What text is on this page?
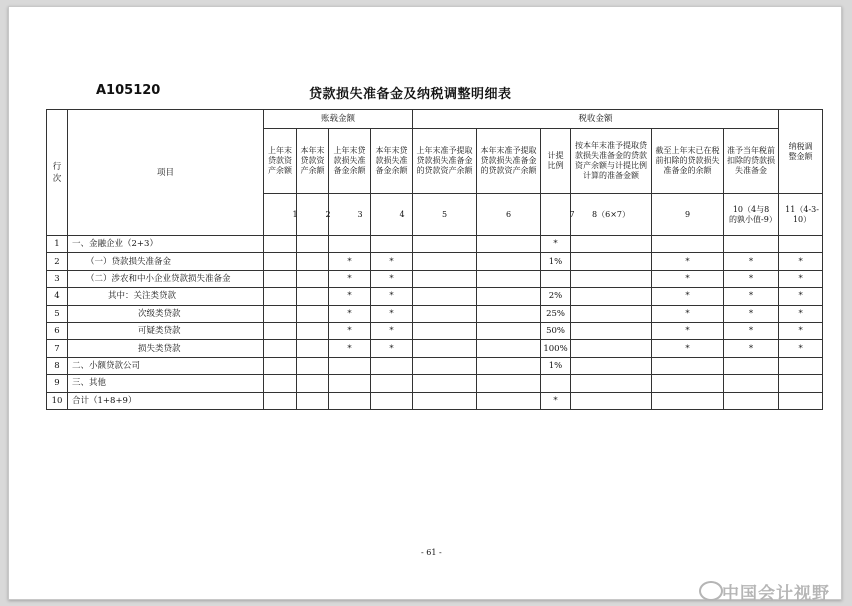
A105120	贷款损失准备金及纳税调整明细表
行次	项目	账载金额				税收金额						纳税调整金额
		上年末贷款资产余额	本年末贷款资产余额	上年末贷款损失准备金余额	本年末贷款损失准备金余额	上年末准予提取贷款损失准备金的贷款资产余额	本年末准予提取贷款损失准备金的贷款资产余额	计提比例	按本年末准予提取贷款损失准备金的贷款资产余额与计提比例计算的准备金额	截至上年末已在税前扣除的贷款损失准备金的余额	准予当年税前扣除的贷款损失准备金	
		1	2	3	4	5	6	7	8（6×7）	9	10（4与8的孰小值-9）	11（4-3-10）
1	一、金融企业（2+3）							*				
2	（一）贷款损失准备金			*	*			1%		*	*	*
3	（二）涉农和中小企业贷款损失准备金			*	*					*	*	*
4	其中：关注类贷款			*	*			2%		*	*	*
5	次级类贷款			*	*			25%		*	*	*
6	可疑类贷款			*	*			50%		*	*	*
7	损失类贷款			*	*			100%		*	*	*
8	二、小额贷款公司							1%				
9	三、其他											
10	合计（1+8+9）							*				
- 61 -
中国会计视野
